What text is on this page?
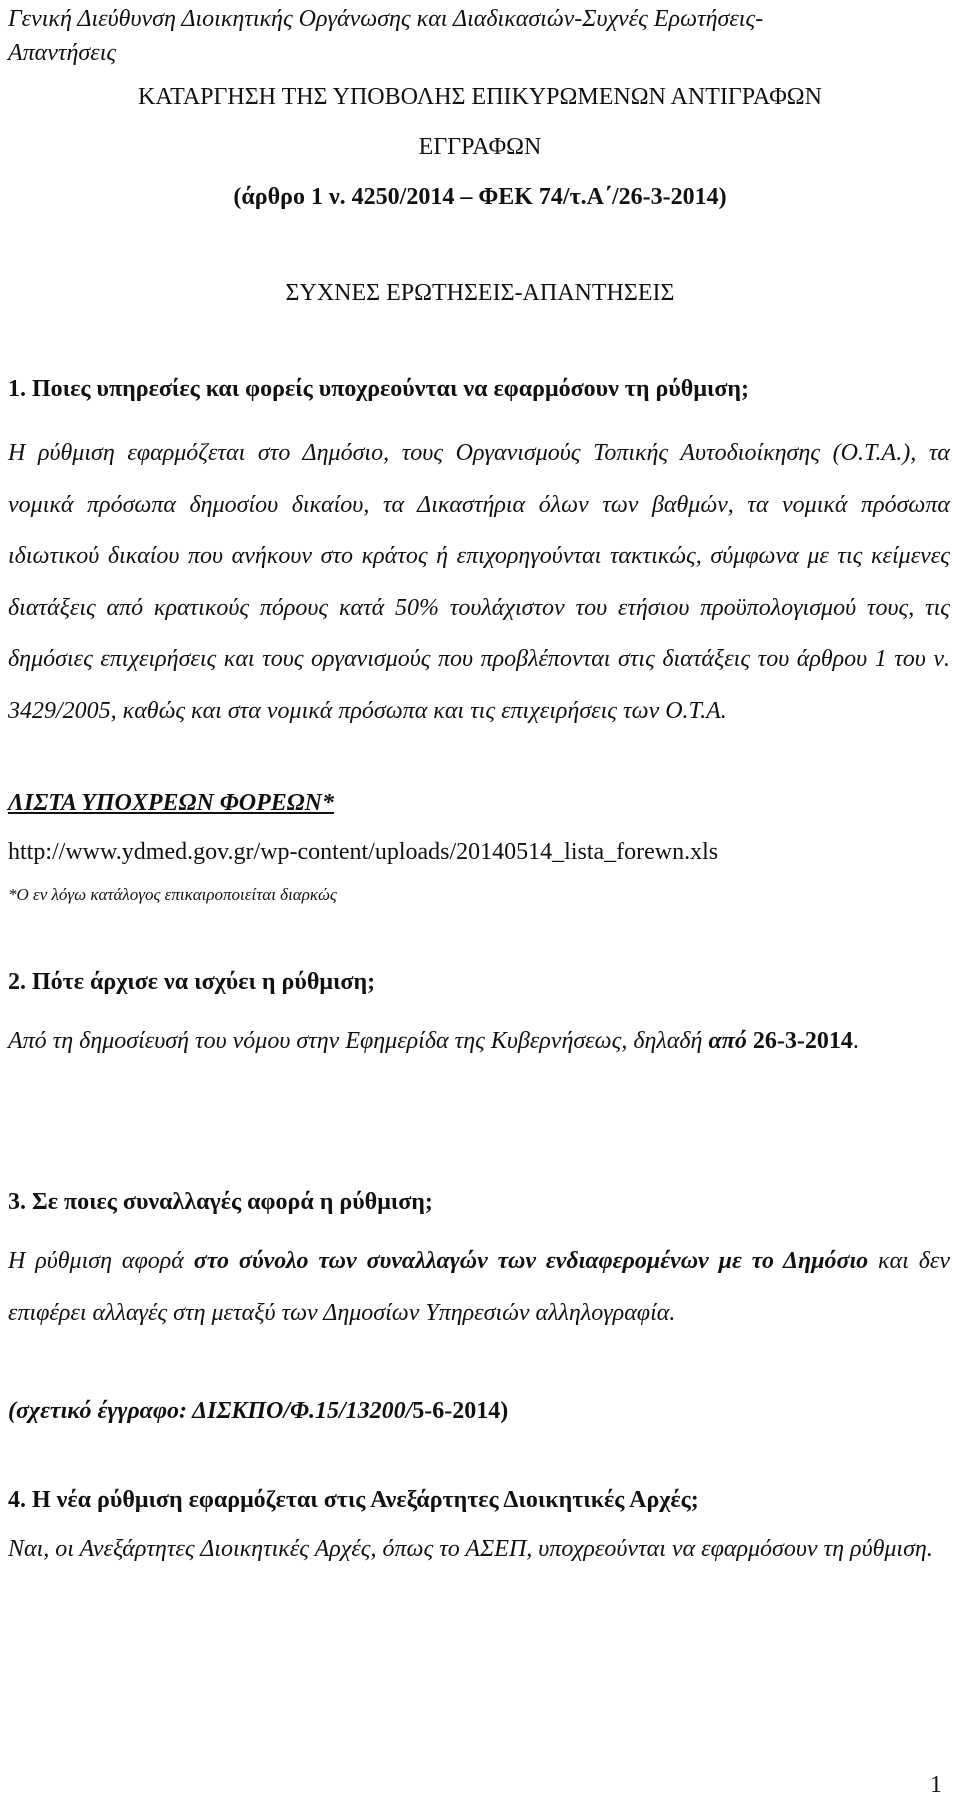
Γενική Διεύθυνση Διοικητικής Οργάνωσης και Διαδικασιών-Συχνές Ερωτήσεις-
Απαντήσεις

ΚΑΤΑΡΓΗΣΗ ΤΗΣ ΥΠΟΒΟΛΗΣ ΕΠΙΚΥΡΩΜΕΝΩΝ ΑΝΤΙΓΡΑΦΩΝ

ΕΓΓΡΑΦΩΝ

(άρθρο 1 ν. 4250/2014 – ΦΕΚ 74/τ.Α΄/26-3-2014)

ΣΥΧΝΕΣ ΕΡΩΤΗΣΕΙΣ-ΑΠΑΝΤΗΣΕΙΣ

1. Ποιες υπηρεσίες και φορείς υποχρεούνται να εφαρμόσουν τη ρύθμιση;

Η ρύθμιση εφαρμόζεται στο Δημόσιο, τους Οργανισμούς Τοπικής Αυτοδιοίκησης (Ο.Τ.Α.), τα νομικά πρόσωπα δημοσίου δικαίου, τα Δικαστήρια όλων των βαθμών, τα νομικά πρόσωπα ιδιωτικού δικαίου που ανήκουν στο κράτος ή επιχορηγούνται τακτικώς, σύμφωνα με τις κείμενες διατάξεις από κρατικούς πόρους κατά 50% τουλάχιστον του ετήσιου προϋπολογισμού τους, τις δημόσιες επιχειρήσεις και τους οργανισμούς που προβλέπονται στις διατάξεις του άρθρου 1 του ν. 3429/2005, καθώς και στα νομικά πρόσωπα και τις επιχειρήσεις των Ο.Τ.Α.

ΛΙΣΤΑ ΥΠΟΧΡΕΩΝ ΦΟΡΕΩΝ*

http://www.ydmed.gov.gr/wp-content/uploads/20140514_lista_forewn.xls

*Ο εν λόγω κατάλογος επικαιροποιείται διαρκώς

2. Πότε άρχισε να ισχύει η ρύθμιση;

Από τη δημοσίευσή του νόμου στην Εφημερίδα της Κυβερνήσεως, δηλαδή από 26-3-2014.

3. Σε ποιες συναλλαγές αφορά η ρύθμιση;

Η ρύθμιση αφορά στο σύνολο των συναλλαγών των ενδιαφερομένων με το Δημόσιο και δεν επιφέρει αλλαγές στη μεταξύ των Δημοσίων Υπηρεσιών αλληλογραφία.

(σχετικό έγγραφο: ΔΙΣΚΠΟ/Φ.15/13200/5-6-2014)

4. Η νέα ρύθμιση εφαρμόζεται στις Ανεξάρτητες Διοικητικές Αρχές;

Ναι, οι Ανεξάρτητες Διοικητικές Αρχές, όπως το ΑΣΕΠ, υποχρεούνται να εφαρμόσουν τη ρύθμιση.

1
